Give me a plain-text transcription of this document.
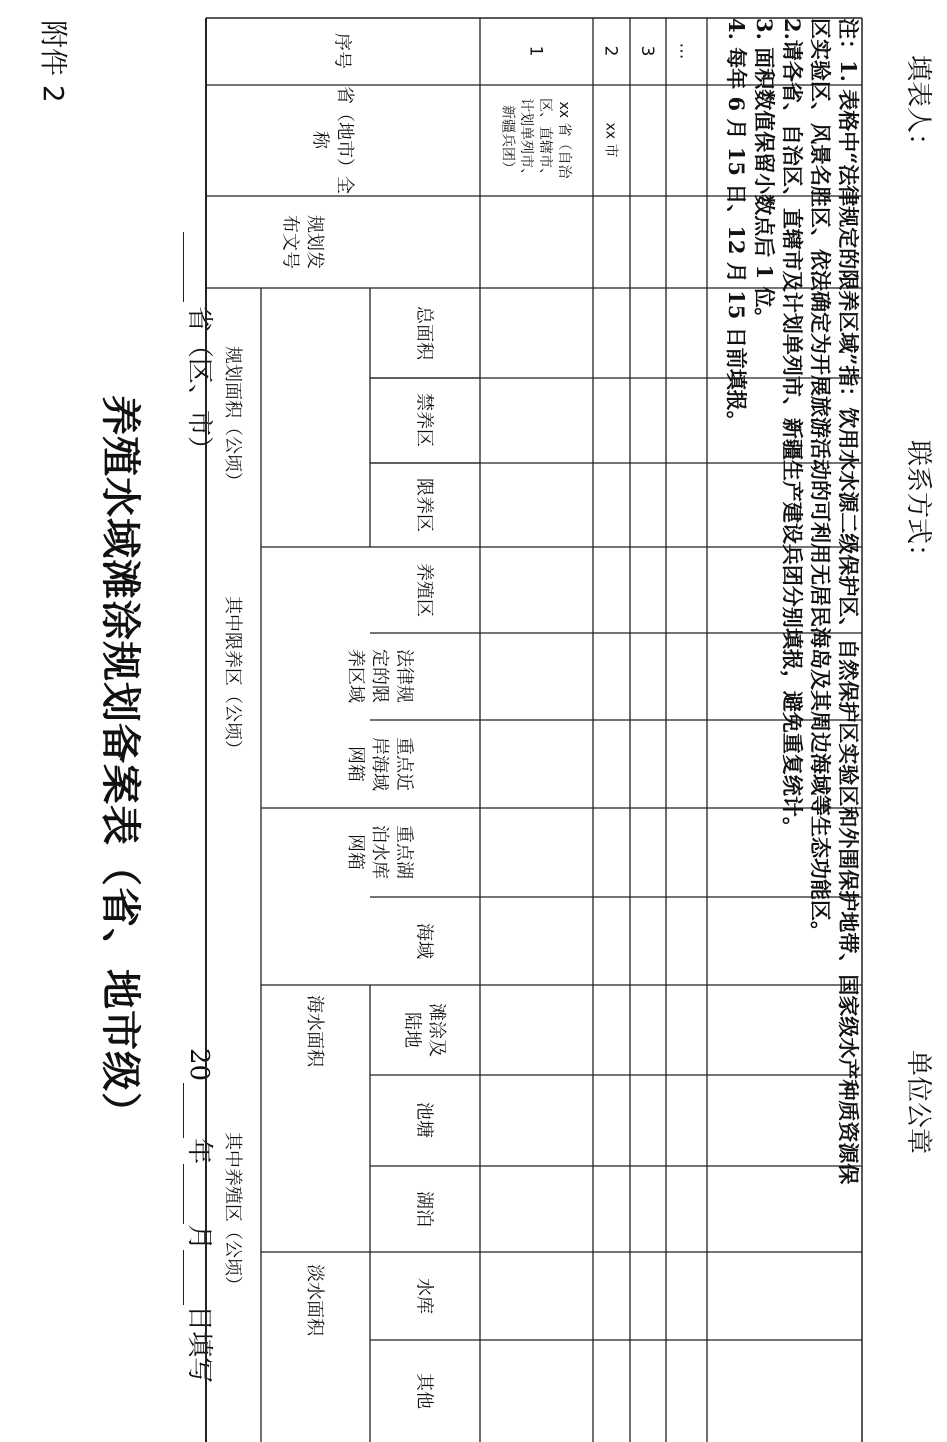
附件 2
养殖水域滩涂规划备案表（省、地市级）
省（区、市）
20年月日填写
序号
省（地市）全称
规划发布文号
规划面积（公顷）
其中限养区（公顷）
其中养殖区（公顷）
海水面积
淡水面积
总面积
禁养区
限养区
养殖区
法律规定的限养区域
重点近岸海域网箱
重点湖泊水库网箱
海域
滩涂及陆地
池塘
湖泊
水库
其他
1
xx 省（自治区、直辖市、计划单列市、新疆兵团）
2
xx 市
3 …	注：1. 表格中“法律规定的限养区域”指：饮用水水源二级保护区、自然保护区实验区和外围保护地带、国家级水产种质资源保
区实验区、风景名胜区、依法确定为开展旅游活动的可利用无居民海岛及其周边海域等生态功能区。
2.请各省、自治区、直辖市及计划单列市、新疆生产建设兵团分别填报，避免重复统计。
3. 面积数值保留小数点后 1 位。
4. 每年 6 月 15 日、12 月 15 日前填报。	填表人：
联系方式：
单位公章
